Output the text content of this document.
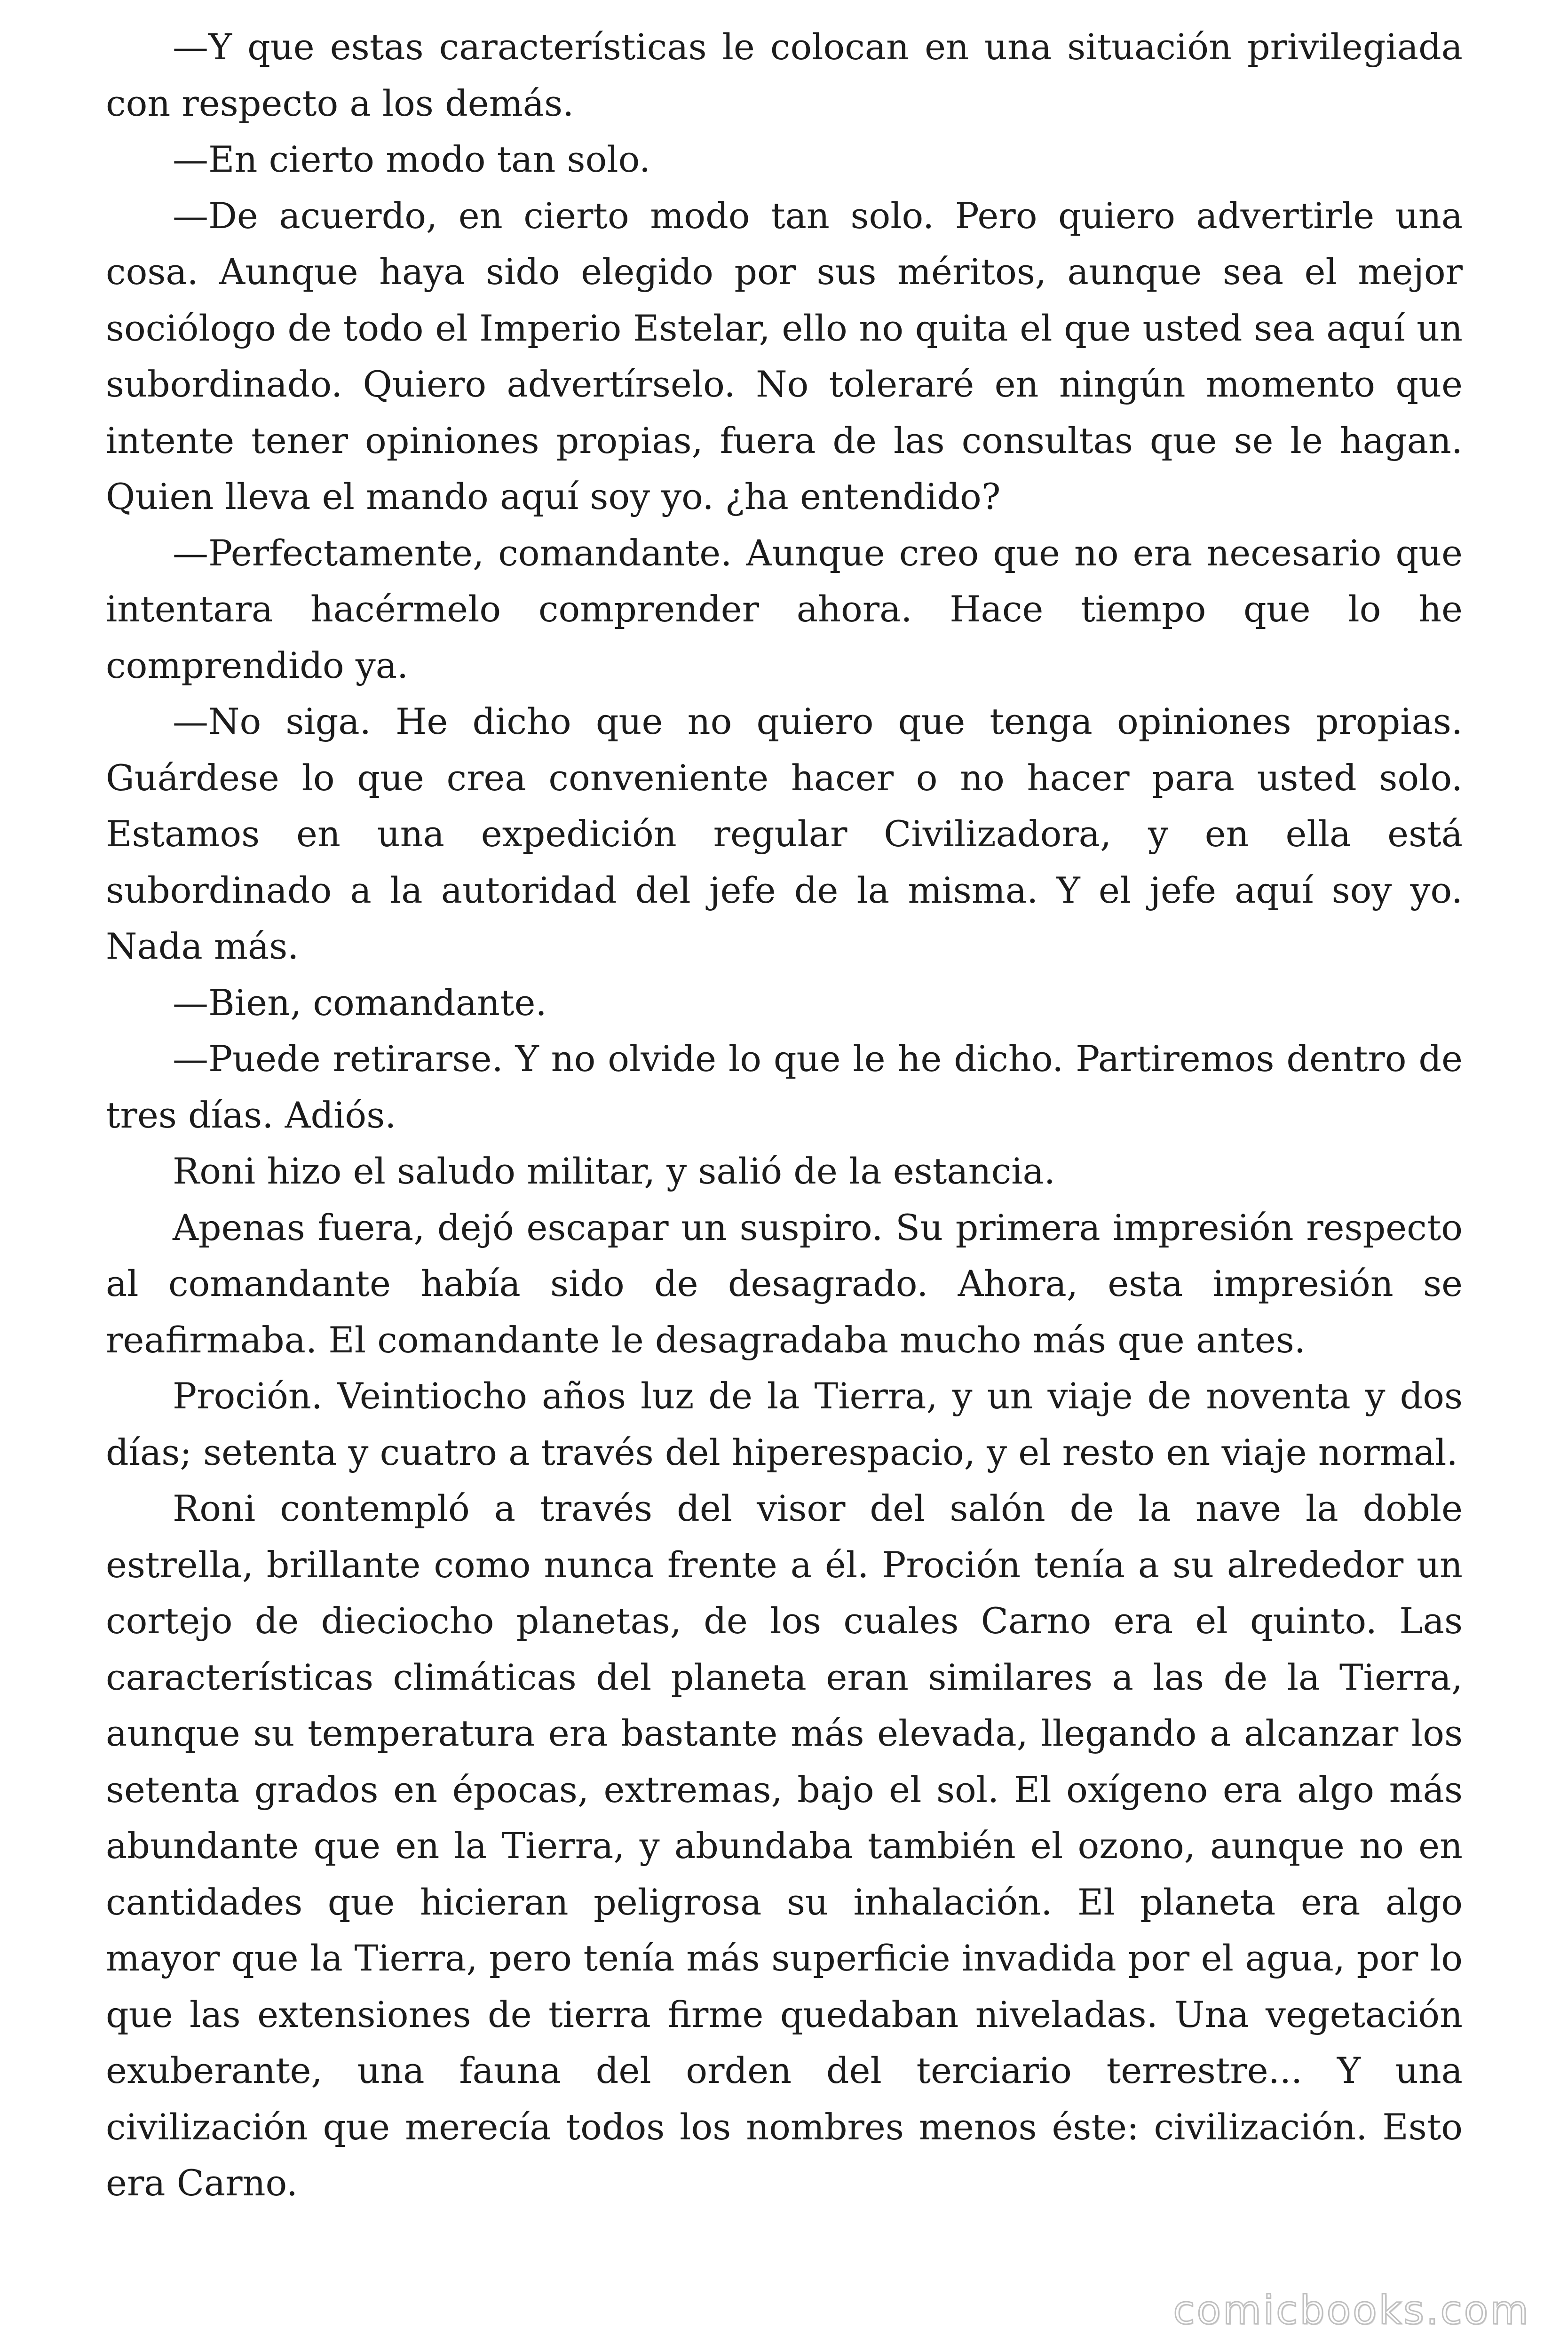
—Y que estas características le colocan en una situación privilegiada con respecto a los demás.

—En cierto modo tan solo.

—De acuerdo, en cierto modo tan solo. Pero quiero advertirle una cosa. Aunque haya sido elegido por sus méritos, aunque sea el mejor sociólogo de todo el Imperio Estelar, ello no quita el que usted sea aquí un subordinado. Quiero advertírselo. No toleraré en ningún momento que intente tener opiniones propias, fuera de las consultas que se le hagan. Quien lleva el mando aquí soy yo. ¿ha entendido?

—Perfectamente, comandante. Aunque creo que no era necesario que intentara hacérmelo comprender ahora. Hace tiempo que lo he comprendido ya.

—No siga. He dicho que no quiero que tenga opiniones propias. Guárdese lo que crea conveniente hacer o no hacer para usted solo. Estamos en una expedición regular Civilizadora, y en ella está subordinado a la autoridad del jefe de la misma. Y el jefe aquí soy yo. Nada más.

—Bien, comandante.

—Puede retirarse. Y no olvide lo que le he dicho. Partiremos dentro de tres días. Adiós.

Roni hizo el saludo militar, y salió de la estancia.

Apenas fuera, dejó escapar un suspiro. Su primera impresión respecto al comandante había sido de desagrado. Ahora, esta impresión se reafirmaba. El comandante le desagradaba mucho más que antes.

Proción. Veintiocho años luz de la Tierra, y un viaje de noventa y dos días; setenta y cuatro a través del hiperespacio, y el resto en viaje normal.

Roni contempló a través del visor del salón de la nave la doble estrella, brillante como nunca frente a él. Proción tenía a su alrededor un cortejo de dieciocho planetas, de los cuales Carno era el quinto. Las características climáticas del planeta eran similares a las de la Tierra, aunque su temperatura era bastante más elevada, llegando a alcanzar los setenta grados en épocas, extremas, bajo el sol. El oxígeno era algo más abundante que en la Tierra, y abundaba también el ozono, aunque no en cantidades que hicieran peligrosa su inhalación. El planeta era algo mayor que la Tierra, pero tenía más superficie invadida por el agua, por lo que las extensiones de tierra firme quedaban niveladas. Una vegetación exuberante, una fauna del orden del terciario terrestre... Y una civilización que merecía todos los nombres menos éste: civilización. Esto era Carno.

comicbooks.com
